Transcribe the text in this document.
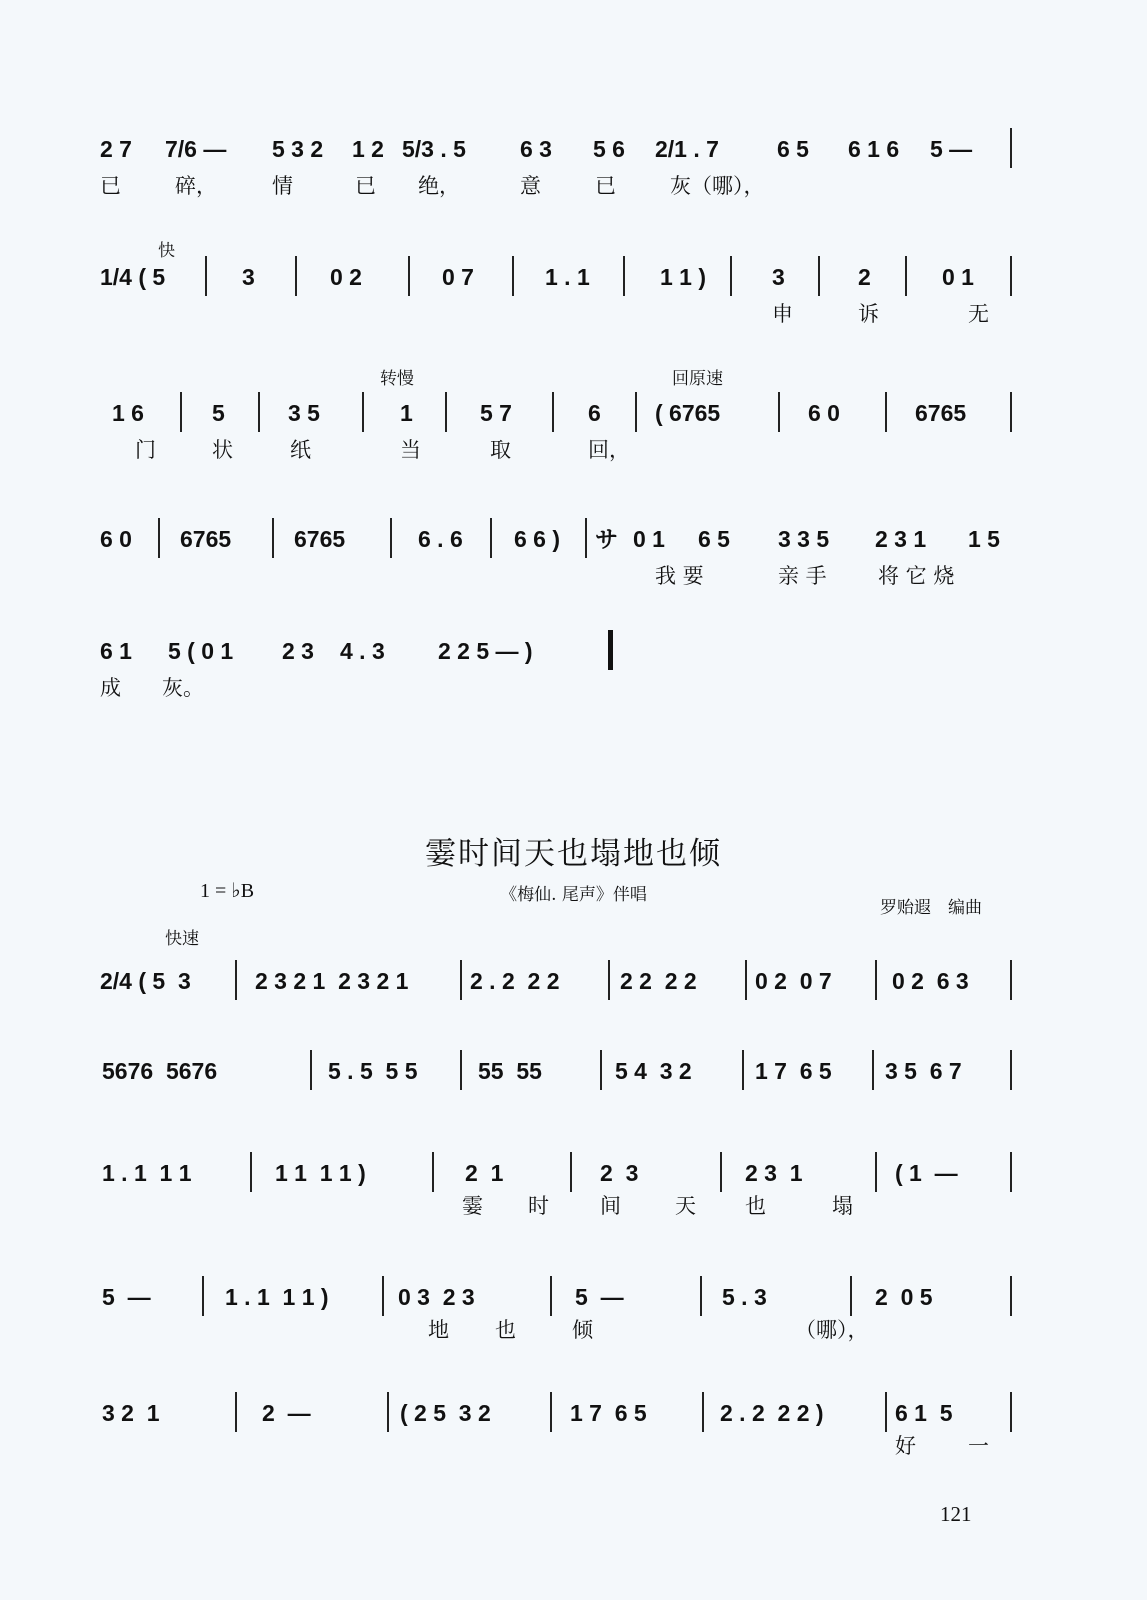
2 7 7/6 — 5 3 2 1 2 5/3 . 5 6 3 5 6 2/1 . 7	6 5 6 1 6 5 —
已	碎，	情	已 绝，	意	已	灰（哪），
快
1/4 ( 5	3	0 2	0 7	1 . 1	1 1 )	3	2	0 1
申	诉	无
转慢	回原速
1 6	5	3 5	1	5 7	6 ( 6765	6 0	6765
门	状	纸	当	取	回，
6 0 6765	6765	6 . 6 6 6 ) サ 0 1 6 5 3 3 5 2 3 1 1 5
我 要	亲 手 将 它 烧
6 1 5 ( 0 1 2 3 4 . 3 2 2 5 — )
成 灰。
霎时间天也塌地也倾
1 = ♭B	《梅仙. 尾声》伴唱
罗贻遐　编曲
快速
2/4 ( 5  3	2 3 2 1  2 3 2 1	2 . 2  2 2	2 2  2 2	0 2  0 7	0 2  6 3
5676  5676	5 . 5  5 5	55  55	5 4  3 2	1 7  6 5 3 5  6 7
1 . 1  1 1	1 1  1 1 )	2  1	2  3	2 3  1	( 1  —
霎 时 间	天 也	塌
5  —	1 . 1  1 1 )	0 3  2 3	5  —	5 . 3	2  0 5
地 也	倾	（哪），
3 2  1	2  —	( 2 5  3 2	1 7  6 5	2 . 2  2 2 )	6 1  5
好 一
121
